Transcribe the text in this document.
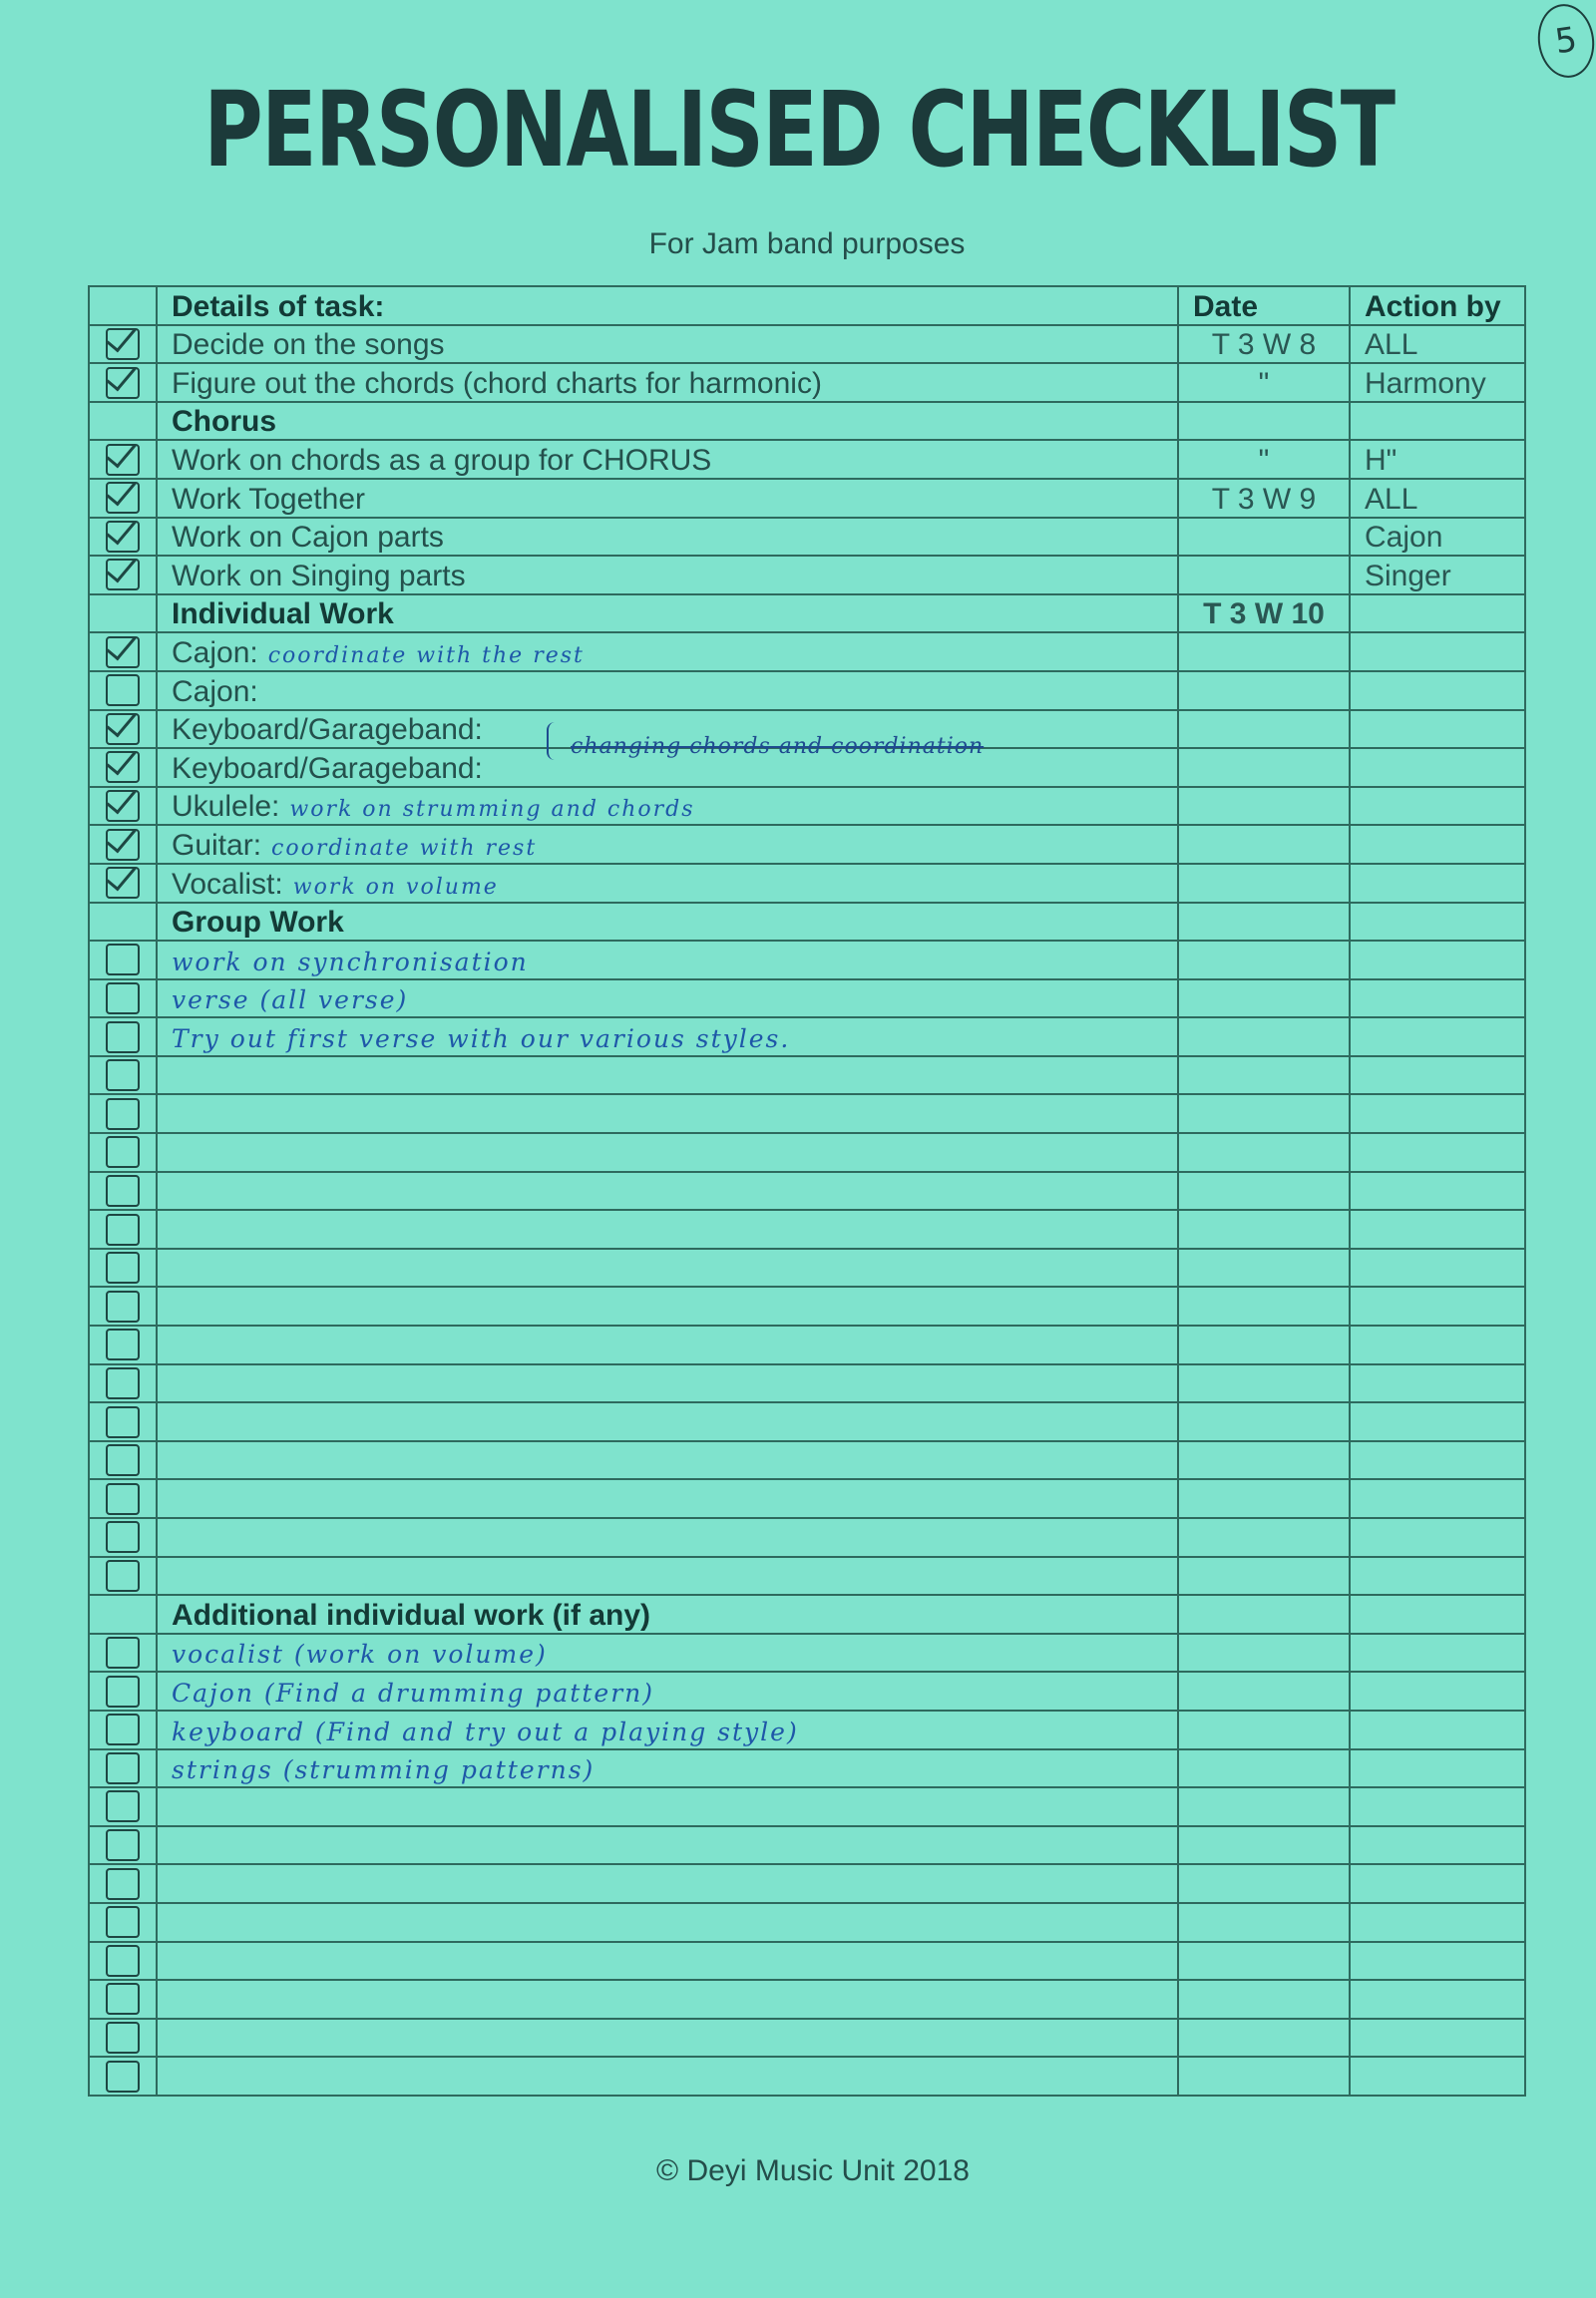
5
PERSONALISED CHECKLIST
For Jam band purposes
	Details of task:	Date	Action by
	Decide on the songs	T 3 W 8	ALL
	Figure out the chords (chord charts for harmonic)	"	Harmony
	Chorus		
	Work on chords as a group for CHORUS	"	H"
	Work Together	T 3 W 9	ALL
	Work on Cajon parts		Cajon
	Work on Singing parts		Singer
	Individual Work	T 3 W 10	
	Cajon: coordinate with the rest		
	Cajon:		
	Keyboard/Garageband:		
	Keyboard/Garageband:		
	Ukulele: work on strumming and chords		
	Guitar: coordinate with rest		
	Vocalist: work on volume		
	Group Work		
	work on synchronisation		
	verse (all verse)		
	Try out first verse with our various styles.		

	Additional individual work (if any)		
	vocalist (work on volume)		
	Cajon (Find a drumming pattern)		
	keyboard (Find and try out a playing style)		
	strings (strumming patterns)		

changing chords and coordination
© Deyi Music Unit 2018
